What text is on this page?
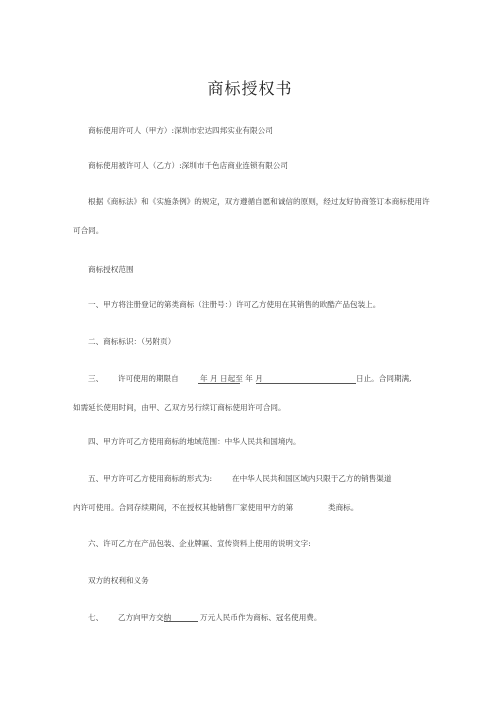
商标授权书
商标使用许可人（甲方）:深圳市宏达四邦实业有限公司
商标使用被许可人（乙方）:深圳市千色店商业连锁有限公司
根据《商标法》和《实施条例》的规定，双方遵循自愿和诚信的原则，经过友好协商签订本商标使用许
可合同。
商标授权范围
一、甲方将注册登记的第类商标（注册号：）许可乙方使用在其销售的欧酷产品包装上。
二、商标标识：（另附页）
三、 许可使用的期限自	年 月 日起至 年 月	日止。合同期满,
如需延长使用时间，由甲、乙双方另行续订商标使用许可合同。
四、甲方许可乙方使用商标的地域范围：中华人民共和国境内。
五、甲方许可乙方使用商标的形式为:	在中华人民共和国区域内只限于乙方的销售渠道
内许可使用。合同存续期间，不在授权其他销售厂家使用甲方的第	类商标。
六、许可乙方在产品包装、企业牌匾、宣传资料上使用的说明文字:
双方的权利和义务
七、 乙方向甲方交纳	万元人民币作为商标、冠名使用费。
